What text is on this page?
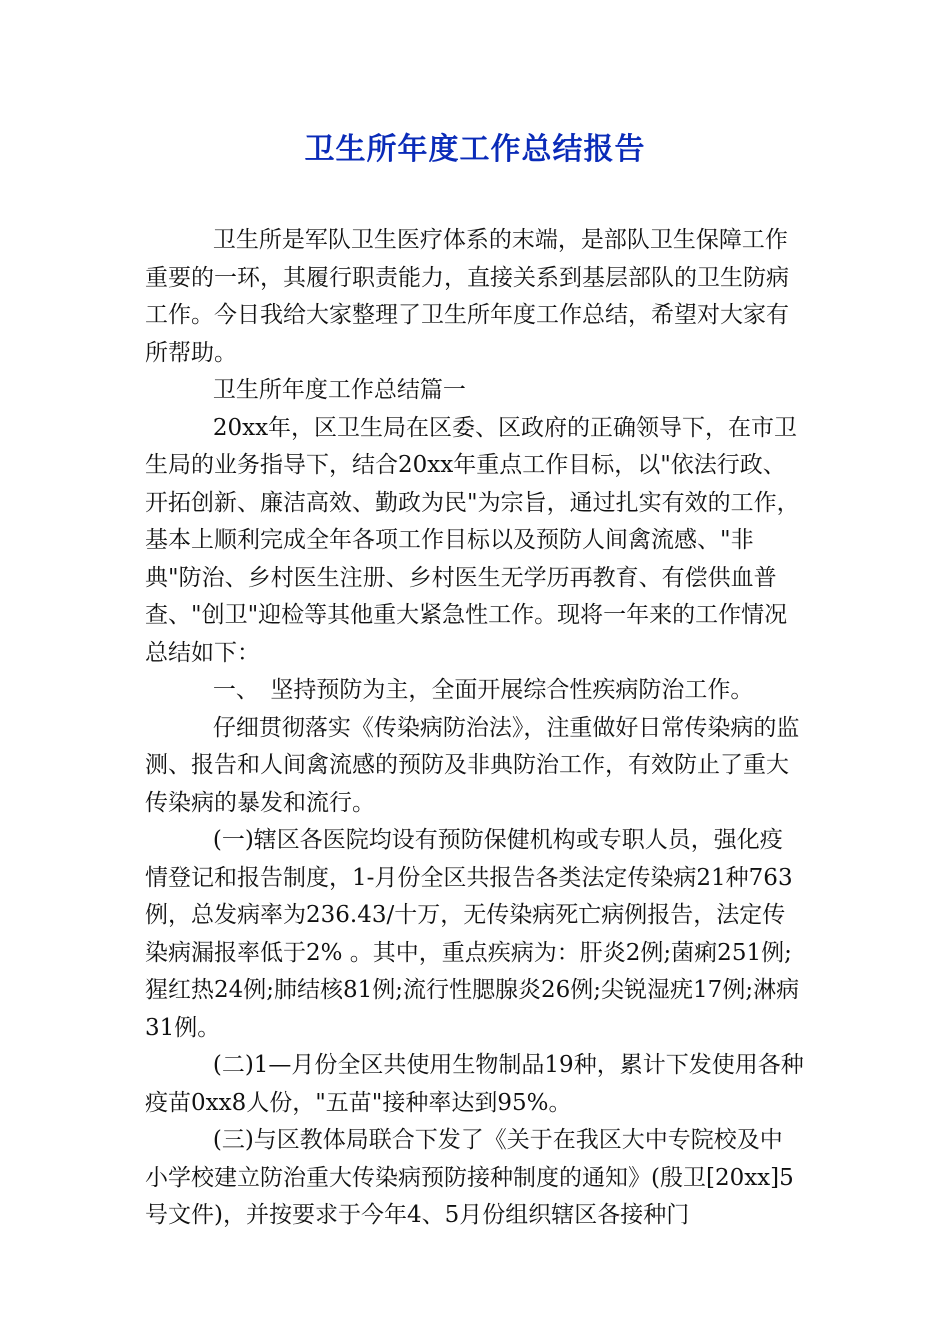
卫生所年度工作总结报告

卫生所是军队卫生医疗体系的末端，是部队卫生保障工作重要的一环，其履行职责能力，直接关系到基层部队的卫生防病工作。今日我给大家整理了卫生所年度工作总结，希望对大家有所帮助。

卫生所年度工作总结篇一

20xx年，区卫生局在区委、区政府的正确领导下，在市卫生局的业务指导下，结合20xx年重点工作目标，以"依法行政、开拓创新、廉洁高效、勤政为民"为宗旨，通过扎实有效的工作，基本上顺利完成全年各项工作目标以及预防人间禽流感、"非典"防治、乡村医生注册、乡村医生无学历再教育、有偿供血普查、"创卫"迎检等其他重大紧急性工作。现将一年来的工作情况总结如下：

一、　坚持预防为主，全面开展综合性疾病防治工作。

仔细贯彻落实《传染病防治法》，注重做好日常传染病的监测、报告和人间禽流感的预防及非典防治工作，有效防止了重大传染病的暴发和流行。

(一)辖区各医院均设有预防保健机构或专职人员，强化疫情登记和报告制度，1-月份全区共报告各类法定传染病21种763例，总发病率为236.43/十万，无传染病死亡病例报告，法定传染病漏报率低于2% 。其中，重点疾病为：肝炎2例;菌痢251例;猩红热24例;肺结核81例;流行性腮腺炎26例;尖锐湿疣17例;淋病31例。

(二)1—月份全区共使用生物制品19种，累计下发使用各种疫苗0xx8人份，"五苗"接种率达到95%。

(三)与区教体局联合下发了《关于在我区大中专院校及中小学校建立防治重大传染病预防接种制度的通知》(殷卫[20xx]5号文件)，并按要求于今年4、5月份组织辖区各接种门
